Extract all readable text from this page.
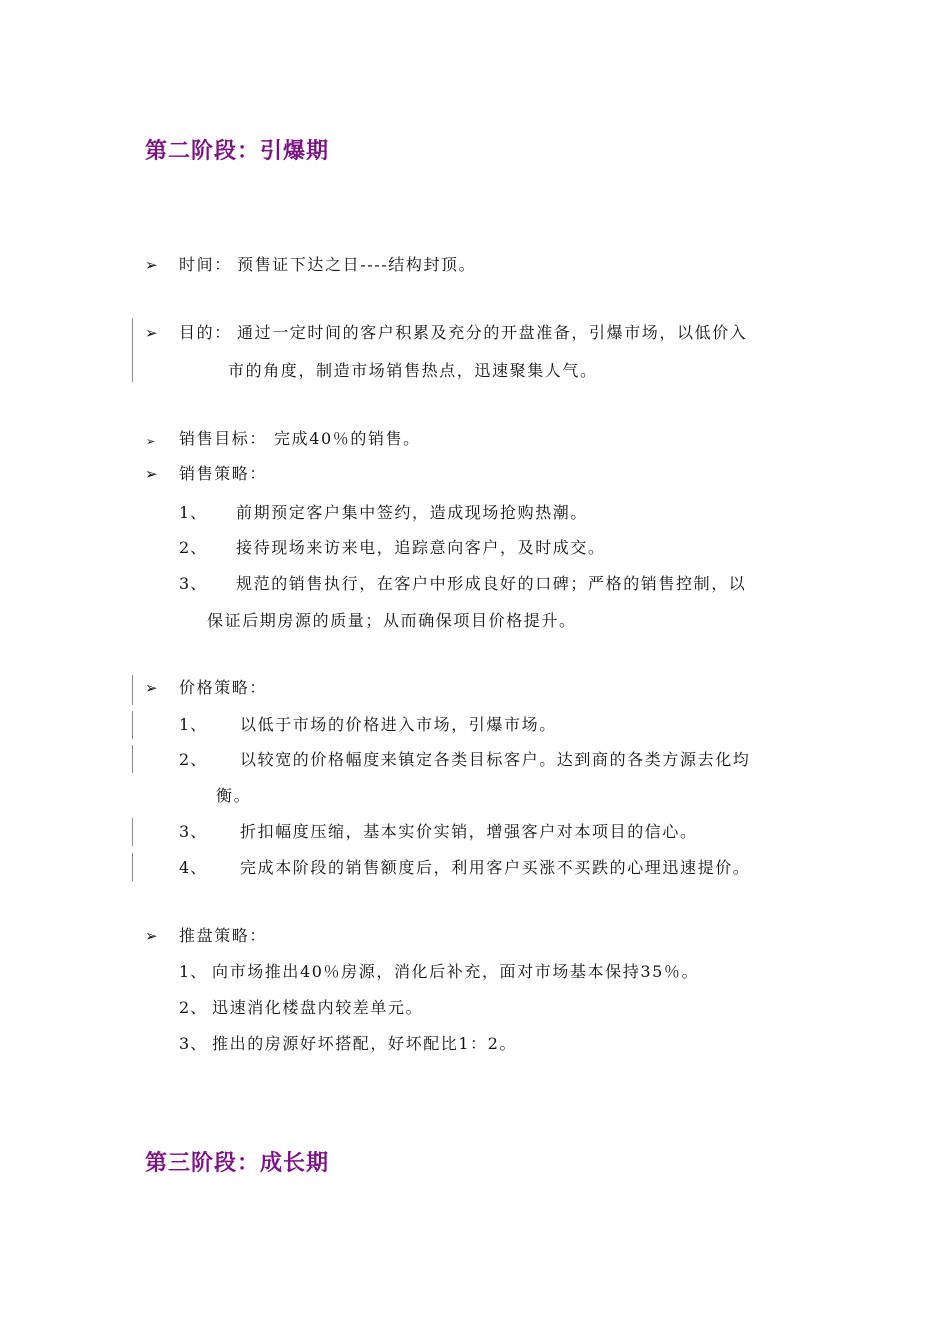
第二阶段：引爆期
➢ 时间： 预售证下达之日----结构封顶。
➢ 目的： 通过一定时间的客户积累及充分的开盘准备，引爆市场，以低价入
市的角度，制造市场销售热点，迅速聚集人气。
➢ 销售目标： 完成40％的销售。
➢ 销售策略：
1、 前期预定客户集中签约，造成现场抢购热潮。
2、 接待现场来访来电，追踪意向客户，及时成交。
3、 规范的销售执行，在客户中形成良好的口碑；严格的销售控制，以
保证后期房源的质量；从而确保项目价格提升。
➢ 价格策略：
1、 以低于市场的价格进入市场，引爆市场。
2、 以较宽的价格幅度来镇定各类目标客户。达到商的各类方源去化均
衡。
3、 折扣幅度压缩，基本实价实销，增强客户对本项目的信心。
4、 完成本阶段的销售额度后，利用客户买涨不买跌的心理迅速提价。
➢ 推盘策略：
1、 向市场推出40％房源，消化后补充，面对市场基本保持35％。
2、 迅速消化楼盘内较差单元。
3、 推出的房源好坏搭配，好坏配比1：2。
第三阶段：成长期
